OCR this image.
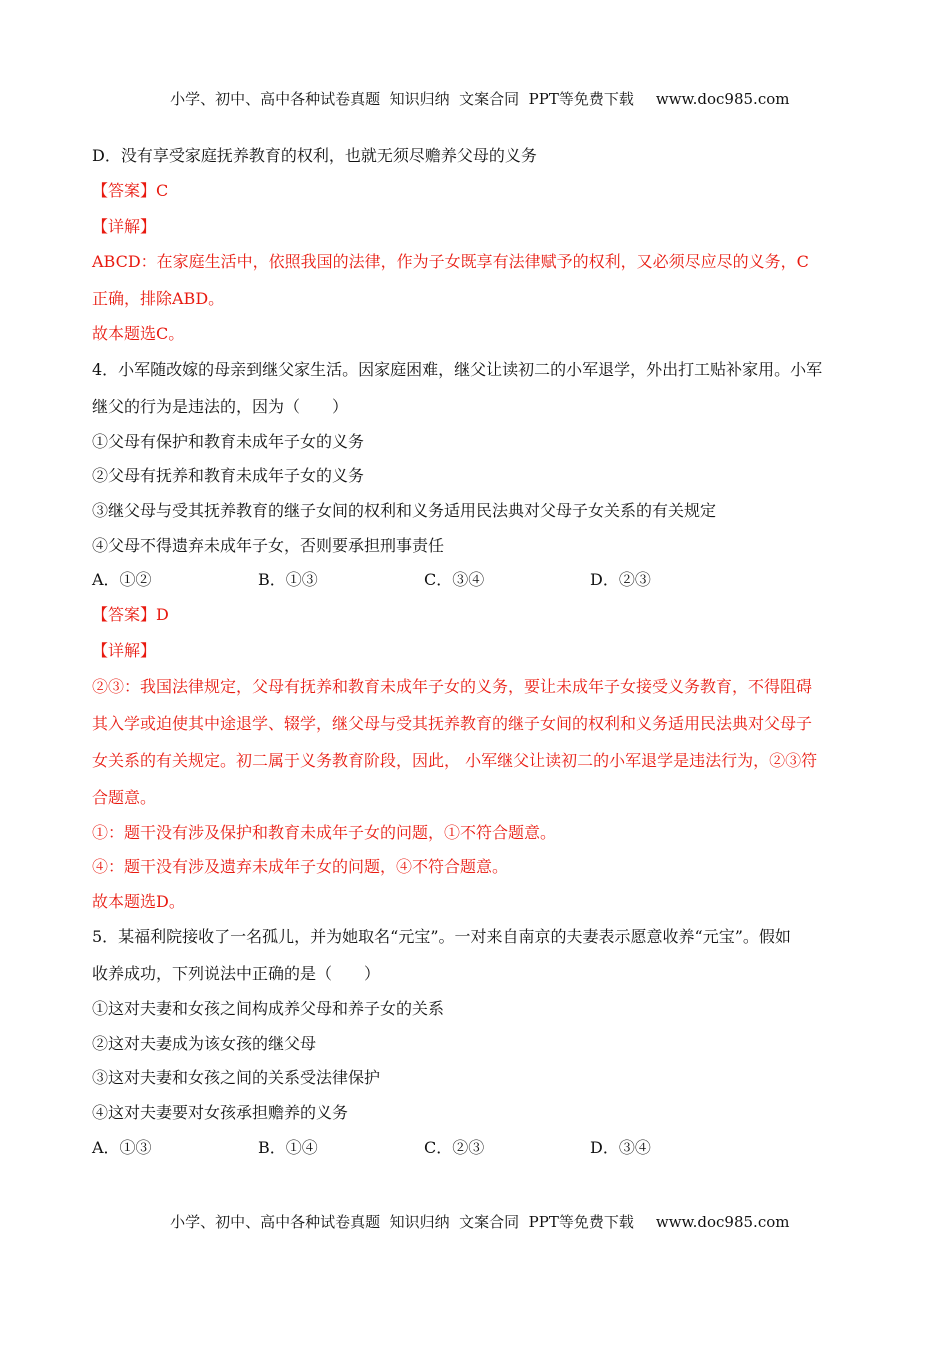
小学、初中、高中各种试卷真题  知识归纳  文案合同  PPT等免费下载 www.doc985.com

D．没有享受家庭抚养教育的权利，也就无须尽赡养父母的义务
【答案】C
【详解】
ABCD：在家庭生活中，依照我国的法律，作为子女既享有法律赋予的权利，又必须尽应尽的义务，C
正确，排除ABD。
故本题选C。
4．小军随改嫁的母亲到继父家生活。因家庭困难，继父让读初二的小军退学，外出打工贴补家用。小军
继父的行为是违法的，因为（　　）
①父母有保护和教育未成年子女的义务
②父母有抚养和教育未成年子女的义务
③继父母与受其抚养教育的继子女间的权利和义务适用民法典对父母子女关系的有关规定
④父母不得遗弃未成年子女，否则要承担刑事责任
A．①②	B．①③	C．③④	D．②③
【答案】D
【详解】
②③：我国法律规定，父母有抚养和教育未成年子女的义务，要让未成年子女接受义务教育，不得阻碍
其入学或迫使其中途退学、辍学，继父母与受其抚养教育的继子女间的权利和义务适用民法典对父母子
女关系的有关规定。初二属于义务教育阶段，因此， 小军继父让读初二的小军退学是违法行为，②③符
合题意。
①：题干没有涉及保护和教育未成年子女的问题，①不符合题意。
④：题干没有涉及遗弃未成年子女的问题，④不符合题意。
故本题选D。
5．某福利院接收了一名孤儿，并为她取名“元宝”。一对来自南京的夫妻表示愿意收养“元宝”。假如
收养成功，下列说法中正确的是（　　）
①这对夫妻和女孩之间构成养父母和养子女的关系
②这对夫妻成为该女孩的继父母
③这对夫妻和女孩之间的关系受法律保护
④这对夫妻要对女孩承担赡养的义务
A．①③	B．①④	C．②③	D．③④

小学、初中、高中各种试卷真题  知识归纳  文案合同  PPT等免费下载 www.doc985.com
